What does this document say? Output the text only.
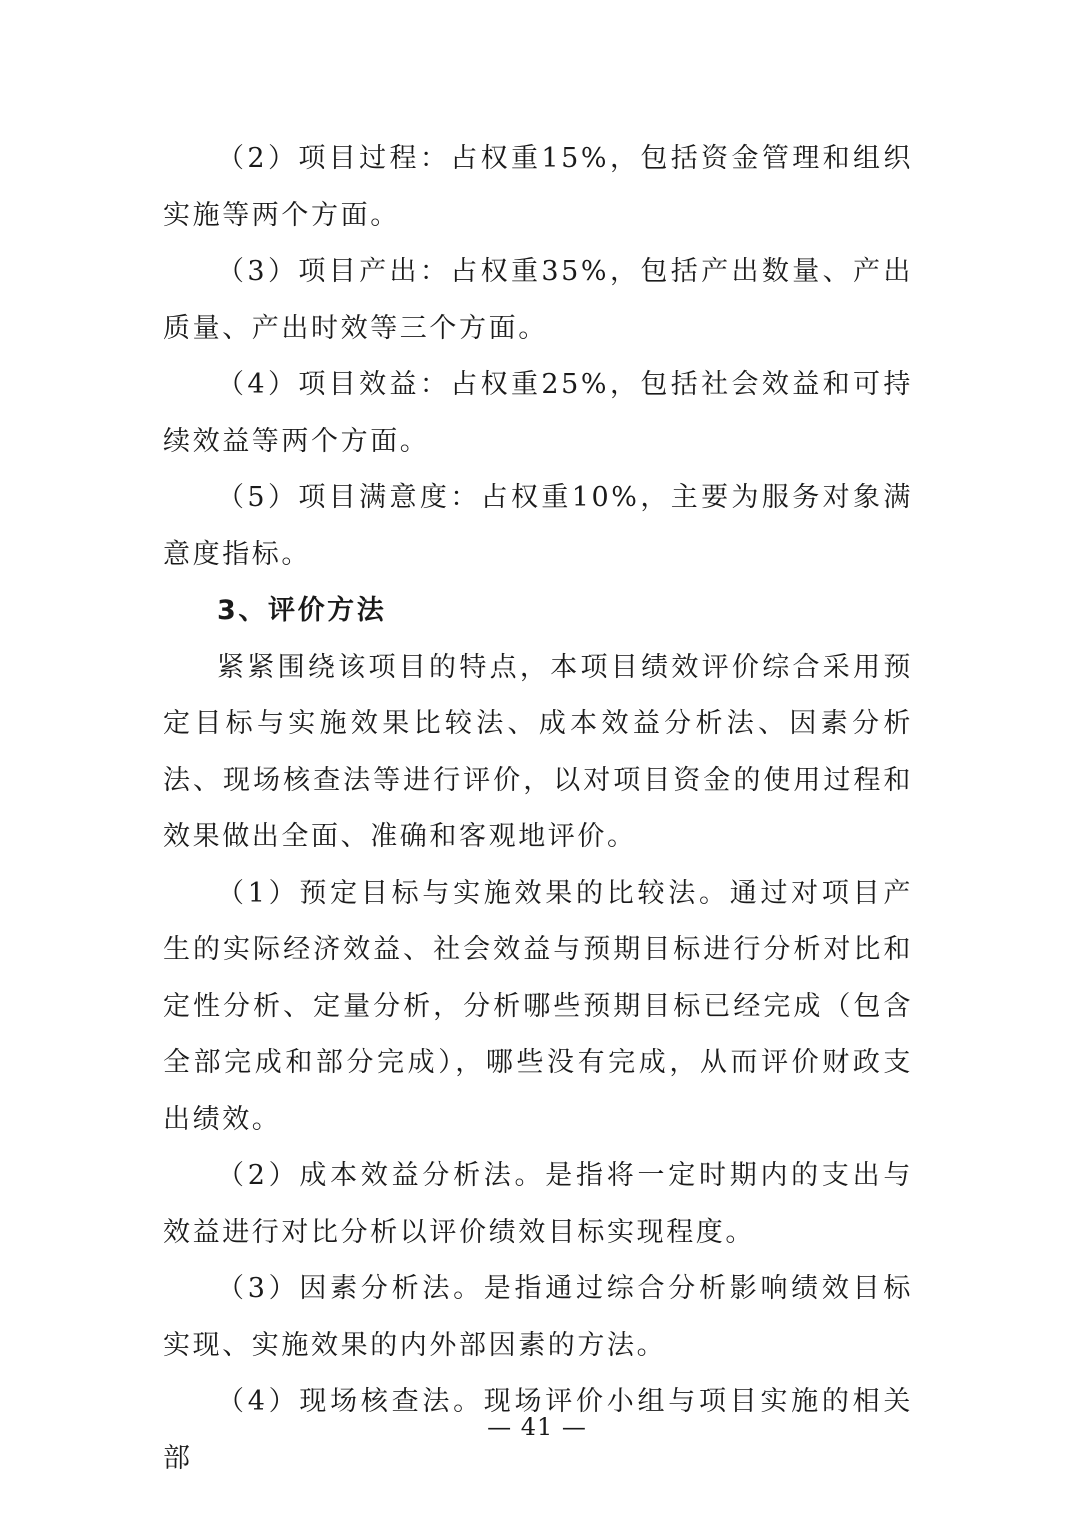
（2）项目过程：占权重15%，包括资金管理和组织实施等两个方面。

（3）项目产出：占权重35%，包括产出数量、产出质量、产出时效等三个方面。

（4）项目效益：占权重25%，包括社会效益和可持续效益等两个方面。

（5）项目满意度：占权重10%，主要为服务对象满意度指标。

3、评价方法

紧紧围绕该项目的特点，本项目绩效评价综合采用预定目标与实施效果比较法、成本效益分析法、因素分析法、现场核查法等进行评价，以对项目资金的使用过程和效果做出全面、准确和客观地评价。

（1）预定目标与实施效果的比较法。通过对项目产生的实际经济效益、社会效益与预期目标进行分析对比和定性分析、定量分析，分析哪些预期目标已经完成（包含全部完成和部分完成），哪些没有完成，从而评价财政支出绩效。

（2）成本效益分析法。是指将一定时期内的支出与效益进行对比分析以评价绩效目标实现程度。

（3）因素分析法。是指通过综合分析影响绩效目标实现、实施效果的内外部因素的方法。

（4）现场核查法。现场评价小组与项目实施的相关部

— 41 —
